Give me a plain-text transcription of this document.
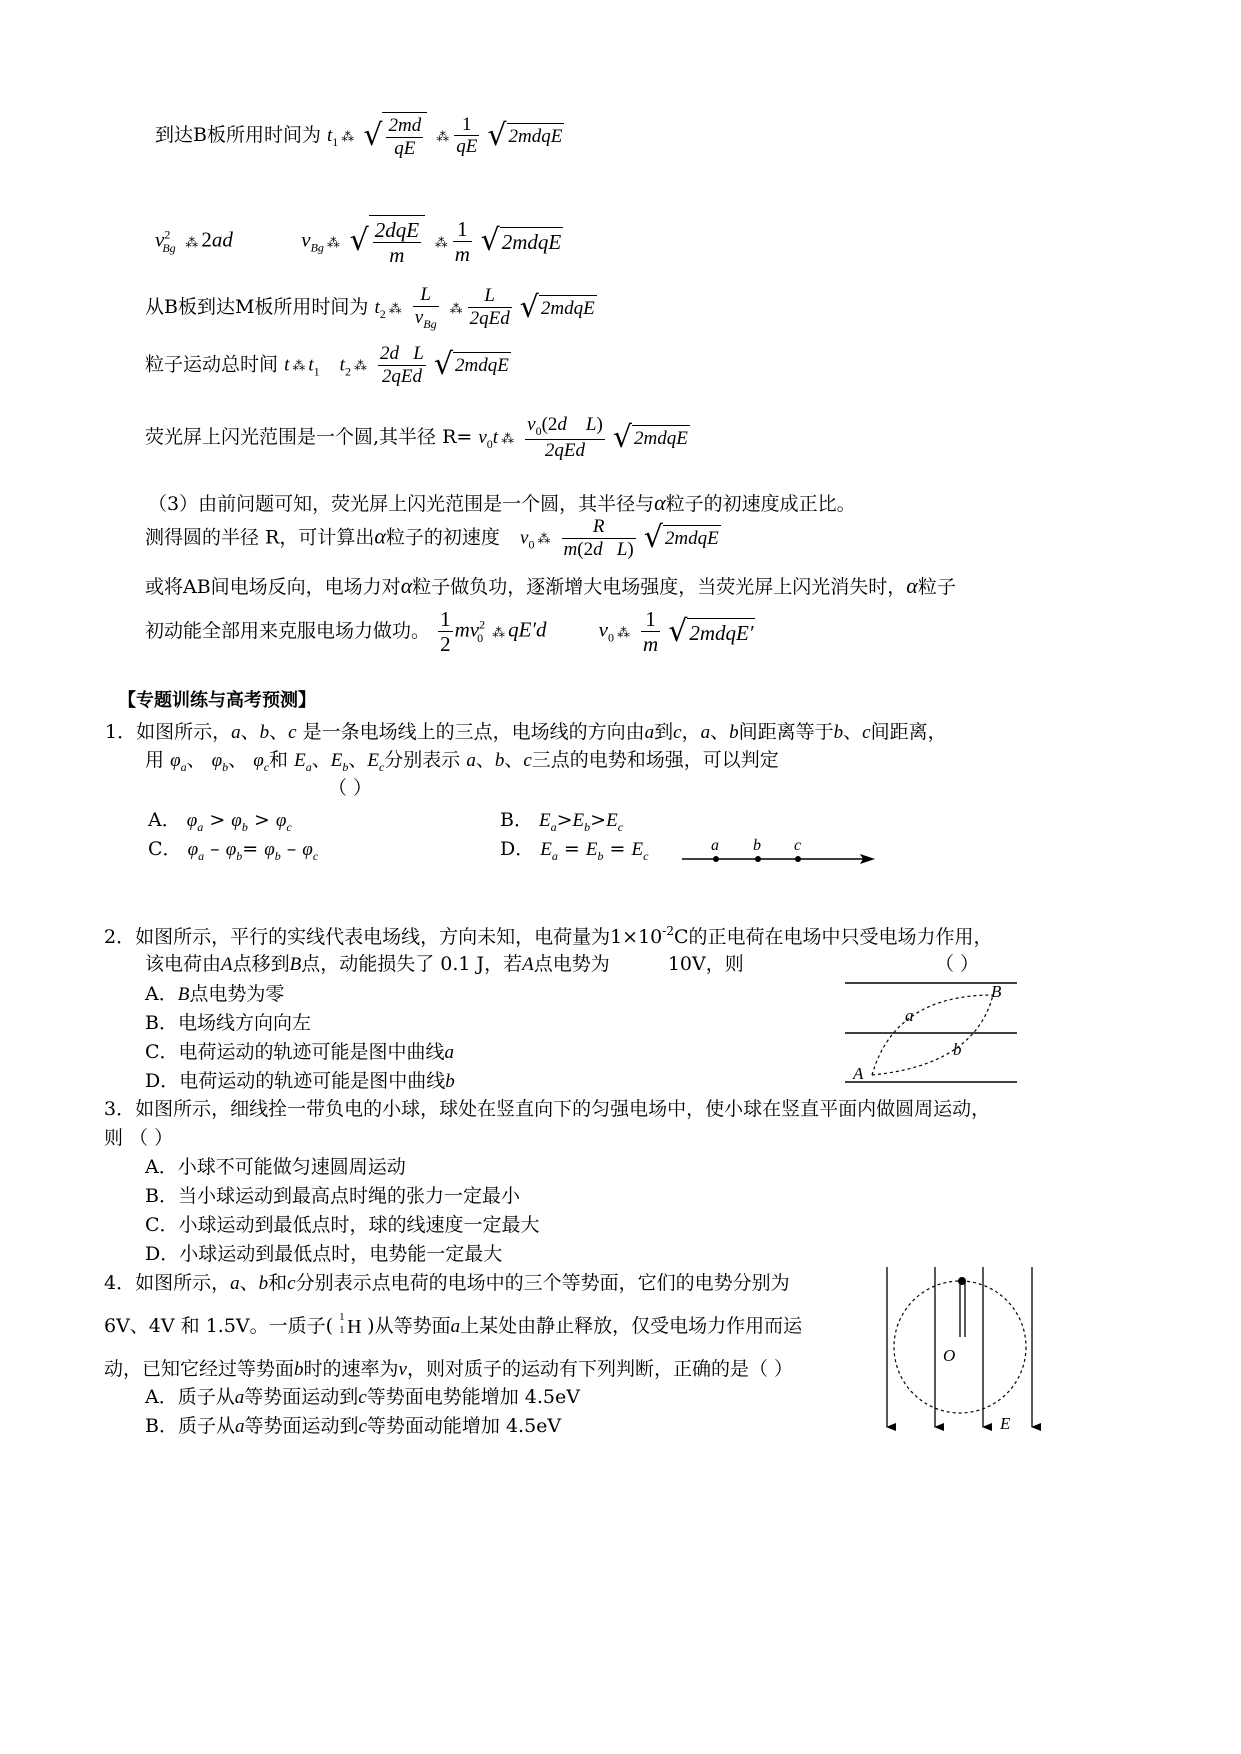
到达B板所用时间为 $t_1$ ⁂ √ $\frac{2md}{qE}$ ⁂ $\frac{1}{qE}$ √ 2mdqE
$v^2_{Bg}$ ⁂ 2ad	$v_{Bg}$ ⁂ √ $\frac{\text{2dqE}}{m}$ ⁂ $\frac{1}{m}$ √2mdqE
从B板到达M板所用时间为 $t_2$ ⁂ $\frac{L}{v_{Bg}}$ ⁂ $\frac{L}{\text{2qEd}}$ √ 2mdqE
粒子运动总时间 t ⁂ $t_1$ $t_2$ ⁂ $\frac{\text{2d   L}}{\text{2qEd}}$ √ 2mdqE
荧光屏上闪光范围是一个圆,其半径 $R= v_0t$ ⁂ $\frac{v_0(2d L)}{\text{2qEd}}$ √ 2mdqE
（3）由前问题可知，荧光屏上闪光范围是一个圆，其半径与α粒子的初速度成正比。
测得圆的半径 R，可计算出α粒子的初速度 $v_0$ ⁂ $\frac{R}{\text{m(2d   L)}}$ √ 2mdqE
或将AB间电场反向，电场力对α粒子做负功，逐渐增大电场强度，当荧光屏上闪光消失时，α粒子
初动能全部用来克服电场力做功。 $\frac{1}{2} mv^2_0$ ⁂ qE′d $v_0$ ⁂ $\frac{1}{m}$ √2mdqE′
【专题训练与高考预测】
1．如图所示，a、b、c 是一条电场线上的三点，电场线的方向由a到c，a、b间距离等于b、c间距离，
用 $\varphi_a$、 $\varphi_b$、 $\varphi_c$和 $E_a$、$E_b$、$E_c$分别表示 a、b、c三点的电势和场强，可以判定
（ ）
A． $\varphi_a > \varphi_b > \varphi_c$	B． $E_a>E_b>E_c$
C． $\varphi_a - \varphi_b= \varphi_b - \varphi_c$	D． $E_a = E_b = E_c$
a b c
2．如图所示，平行的实线代表电场线，方向未知，电荷量为$1\times 10^{-2}C$的正电荷在电场中只受电场力作用，
该电荷由A点移到B点，动能损失了 0.1 J，若A点电势为	10V，则	（ ）
A．B点电势为零
B．电场线方向向左
C．电荷运动的轨迹可能是图中曲线a
D．电荷运动的轨迹可能是图中曲线b
B
a
b
A
3．如图所示，细线拴一带负电的小球，球处在竖直向下的匀强电场中，使小球在竖直平面内做圆周运动，
则 （ ）
A．小球不可能做匀速圆周运动
B．当小球运动到最高点时绳的张力一定最小
C．小球运动到最低点时，球的线速度一定最大
D．小球运动到最低点时，电势能一定最大
4．如图所示，a、b和c分别表示点电荷的电场中的三个等势面，它们的电势分别为
6V、4V 和 1.5V。一质子( 1
1 H )从等势面a上某处由静止释放，仅受电场力作用而运
动，已知它经过等势面b时的速率为v，则对质子的运动有下列判断，正确的是（ ）
A．质子从a等势面运动到c等势面电势能增加 4.5eV
B．质子从a等势面运动到c等势面动能增加 4.5eV
O
E
